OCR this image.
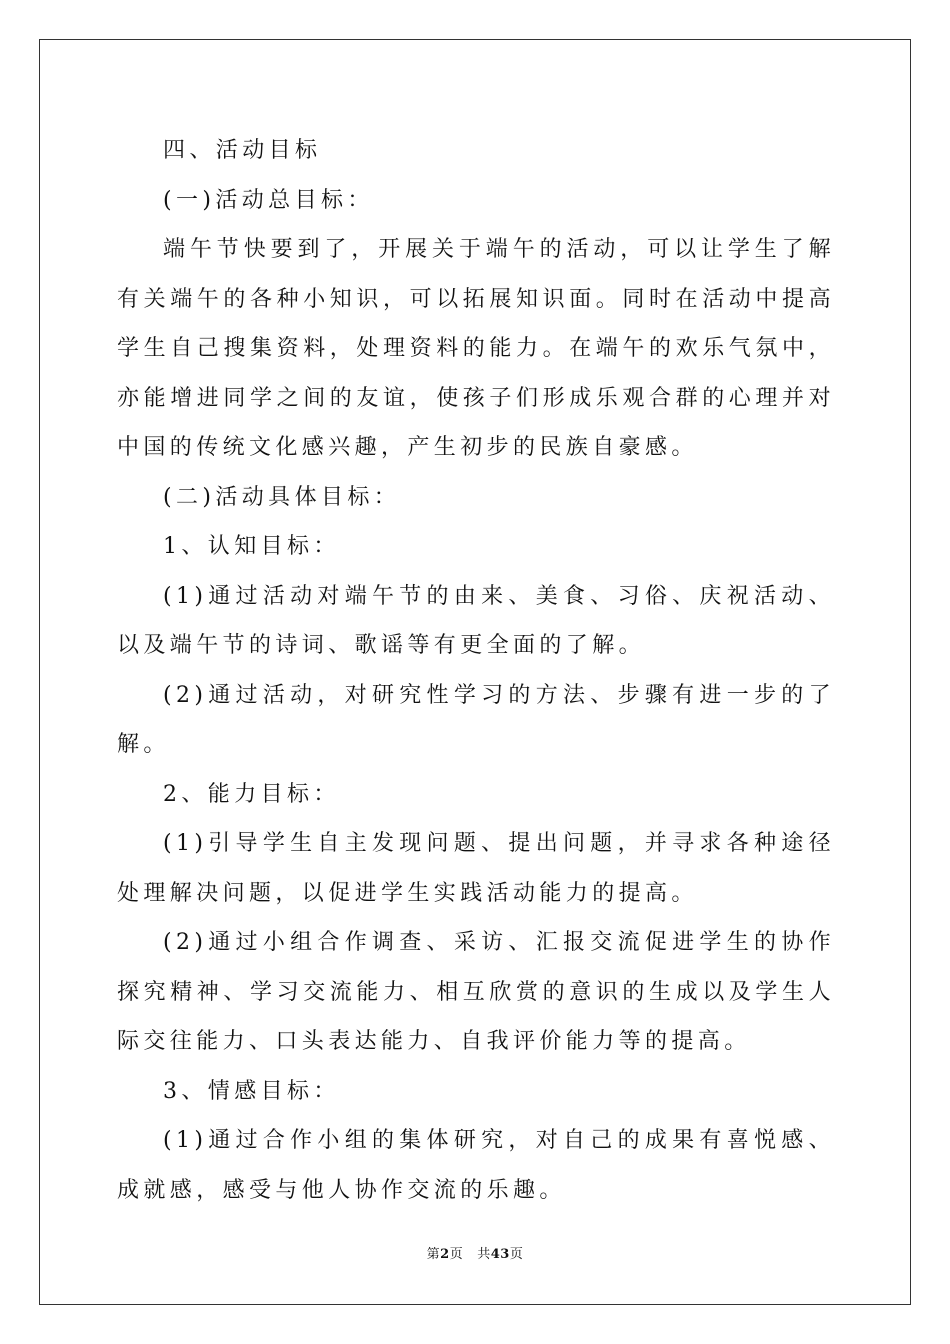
四、活动目标

(一)活动总目标：

端午节快要到了，开展关于端午的活动，可以让学生了解有关端午的各种小知识，可以拓展知识面。同时在活动中提高学生自己搜集资料，处理资料的能力。在端午的欢乐气氛中，亦能增进同学之间的友谊，使孩子们形成乐观合群的心理并对中国的传统文化感兴趣，产生初步的民族自豪感。

(二)活动具体目标：

1、认知目标：

(1)通过活动对端午节的由来、美食、习俗、庆祝活动、以及端午节的诗词、歌谣等有更全面的了解。

(2)通过活动，对研究性学习的方法、步骤有进一步的了解。

2、能力目标：

(1)引导学生自主发现问题、提出问题，并寻求各种途径处理解决问题，以促进学生实践活动能力的提高。

(2)通过小组合作调查、采访、汇报交流促进学生的协作探究精神、学习交流能力、相互欣赏的意识的生成以及学生人际交往能力、口头表达能力、自我评价能力等的提高。

3、情感目标：

(1)通过合作小组的集体研究，对自己的成果有喜悦感、成就感，感受与他人协作交流的乐趣。

第2页 共43页
